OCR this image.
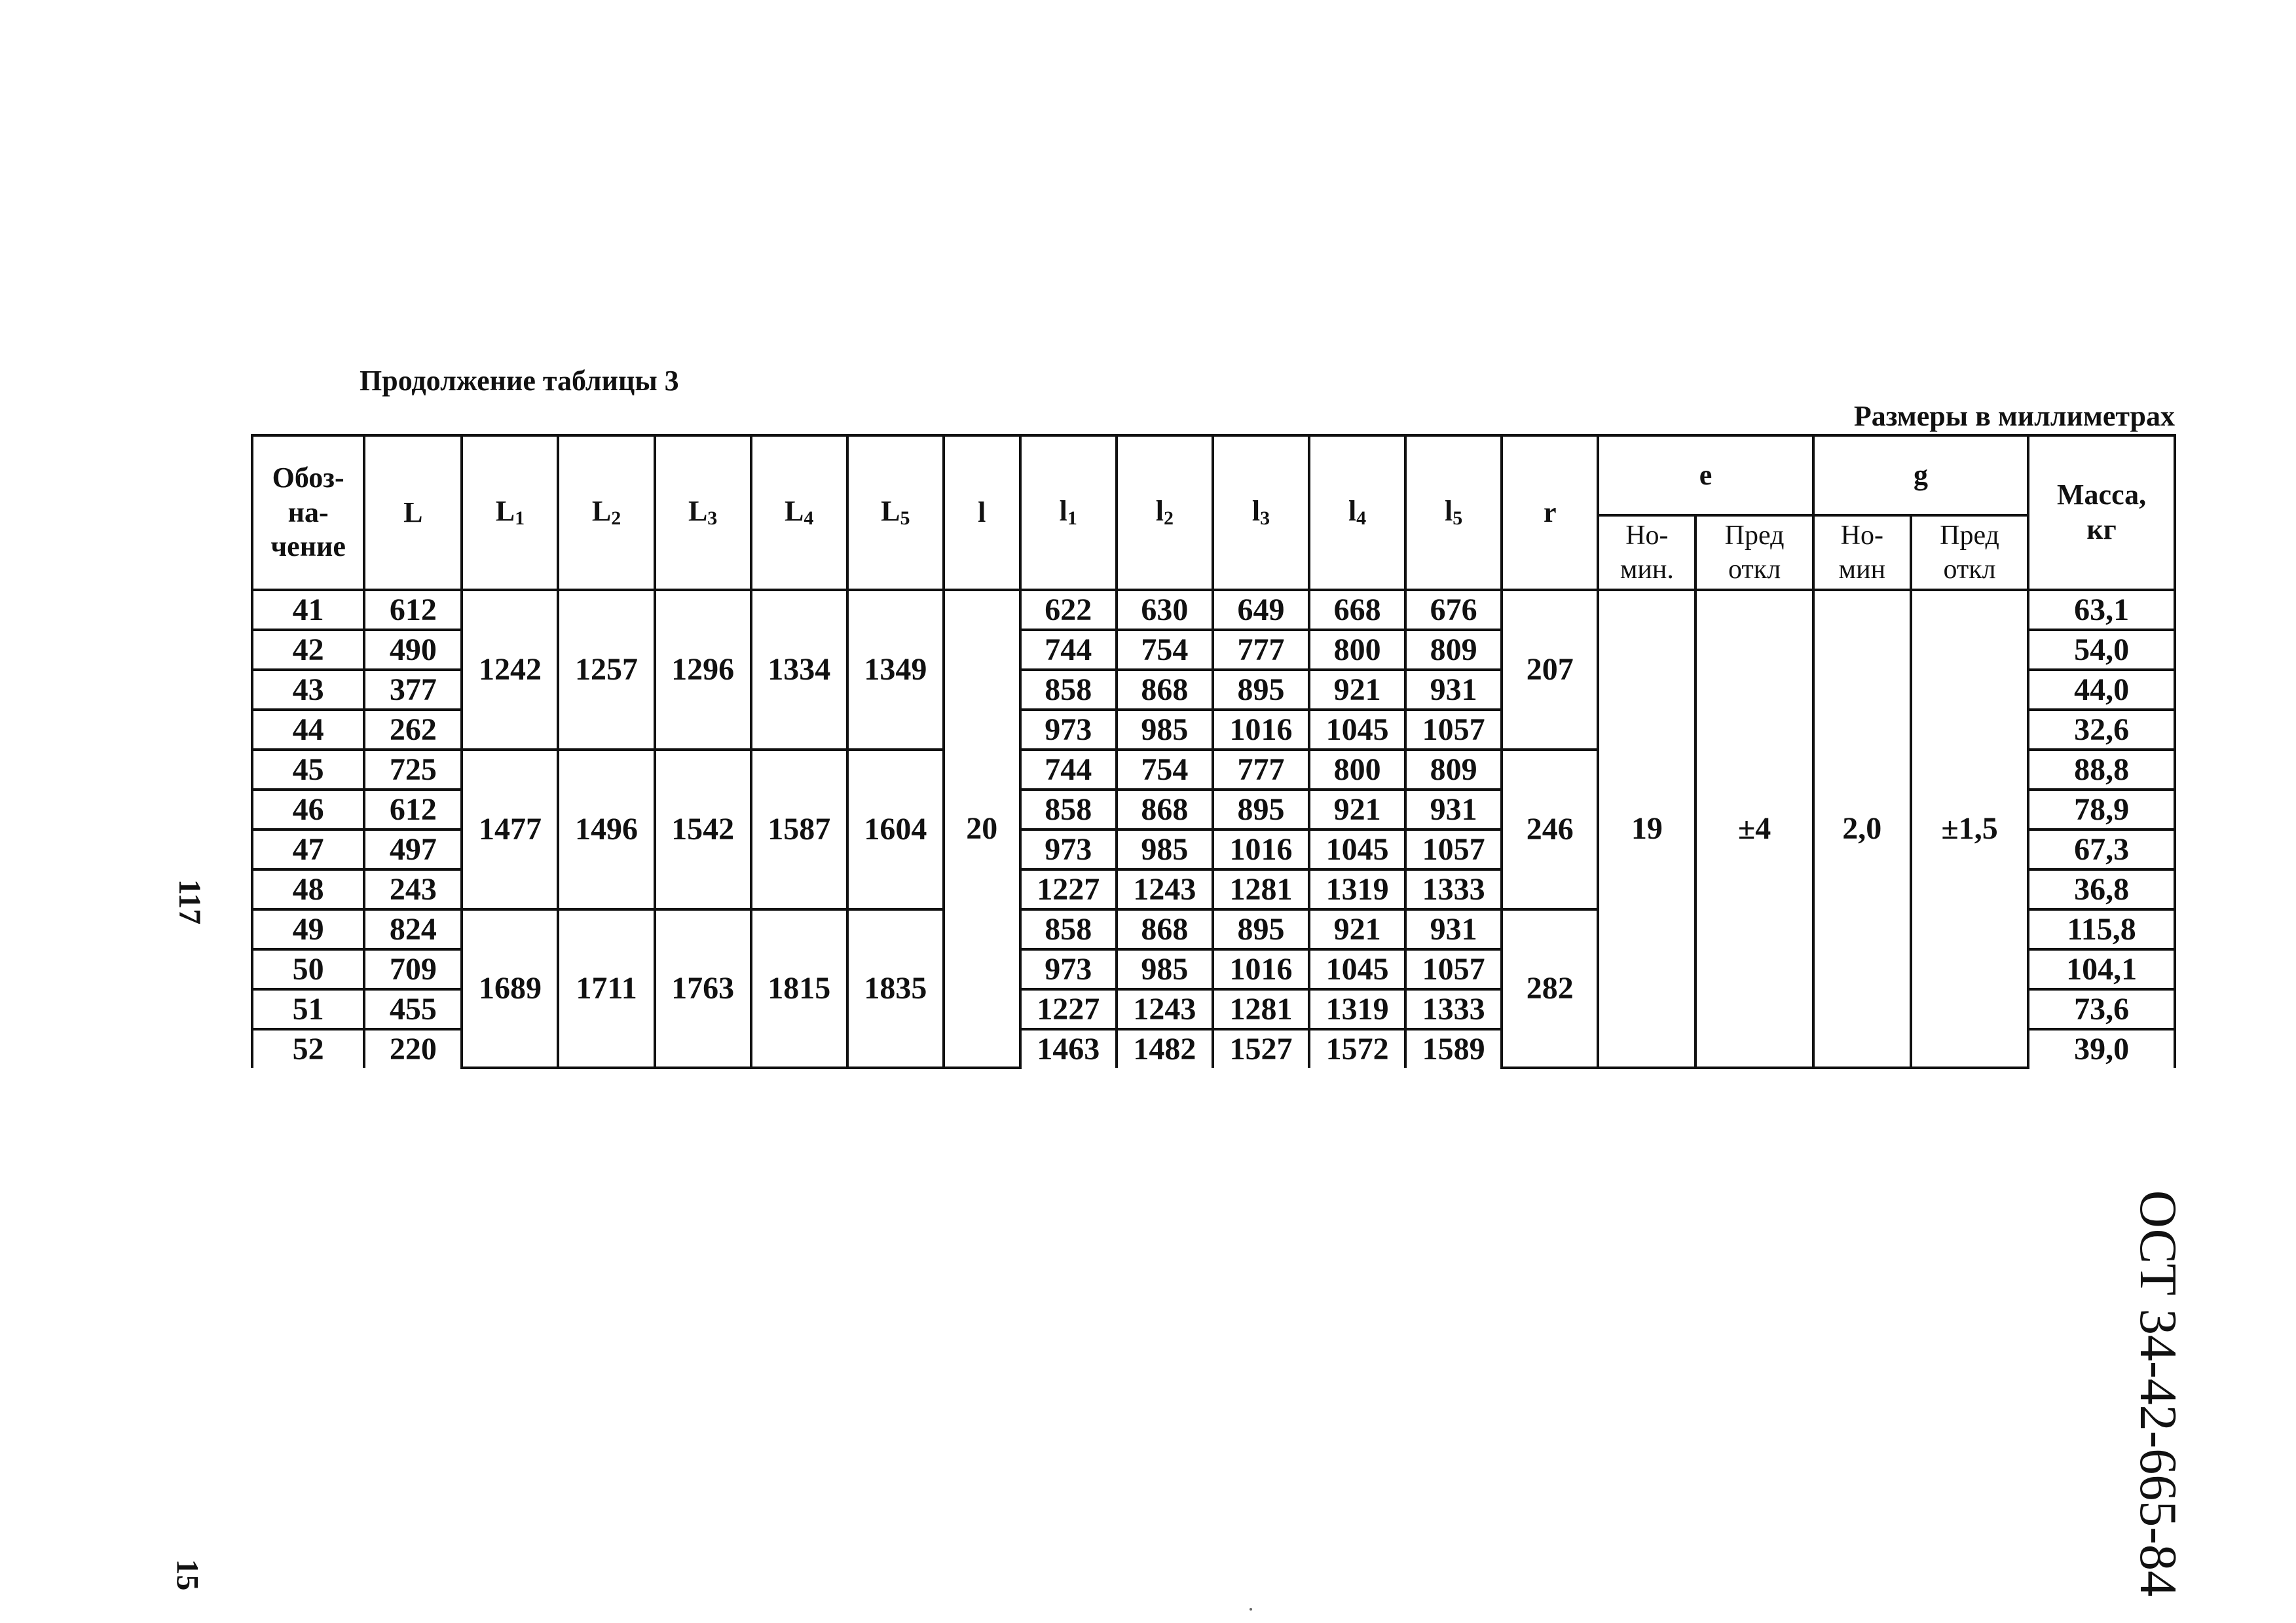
Продолжение таблицы 3
Размеры в миллиметрах
Обоз-
на-
чение	L	$L_1$	$L_2$	$L_3$	$L_4$	$L_5$	l	$l_1$	$l_2$	$l_3$	$l_4$	$l_5$	r	e		g		Масса,
кг
														Но-
мин.	Пред
откл	Но-
мин	Пред
откл	
41	612	1242	1257	1296	1334	1349	20	622	630	649	668	676	207	19	±4	2,0	±1,5	63,1
42	490							744	754	777	800	809						54,0
43	377							858	868	895	921	931						44,0
44	262							973	985	1016	1045	1057						32,6
45	725	1477	1496	1542	1587	1604		744	754	777	800	809	246					88,8
46	612							858	868	895	921	931						78,9
47	497							973	985	1016	1045	1057						67,3
48	243							1227	1243	1281	1319	1333						36,8
49	824	1689	1711	1763	1815	1835		858	868	895	921	931	282					115,8
50	709							973	985	1016	1045	1057						104,1
51	455							1227	1243	1281	1319	1333						73,6
52	220							1463	1482	1527	1572	1589						39,0
117
15	ОСТ 34-42-665-84
